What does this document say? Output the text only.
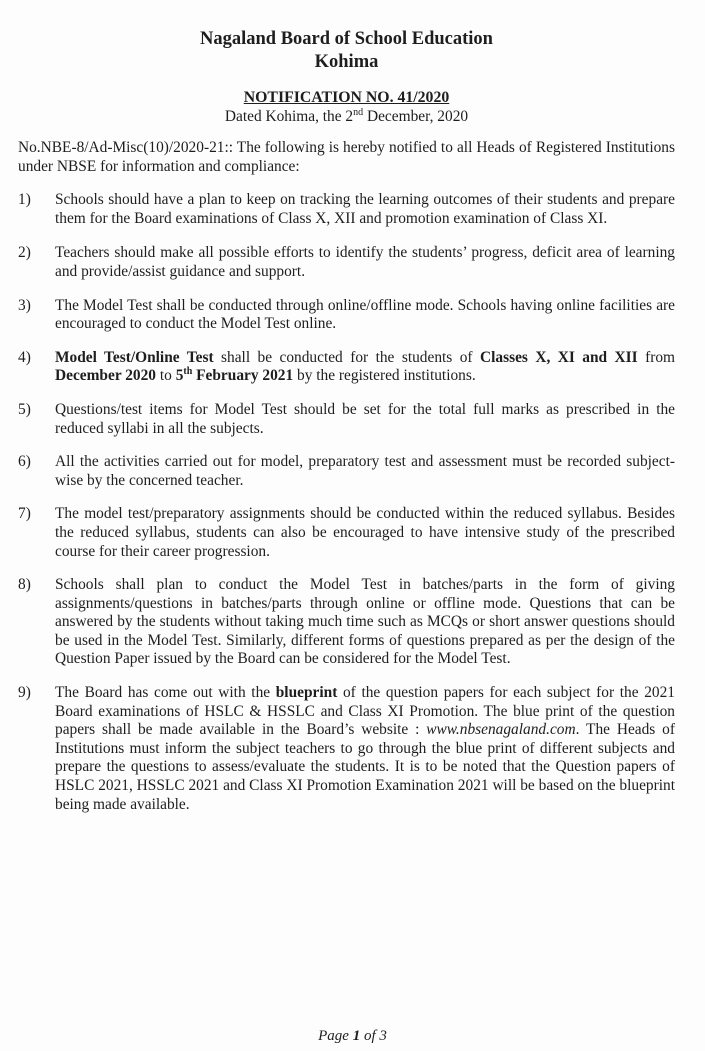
Nagaland Board of School Education
Kohima
NOTIFICATION NO. 41/2020
Dated Kohima, the 2nd December, 2020
No.NBE-8/Ad-Misc(10)/2020-21:: The following is hereby notified to all Heads of Registered Institutions under NBSE for information and compliance:
1)	Schools should have a plan to keep on tracking the learning outcomes of their students and prepare them for the Board examinations of Class X, XII and promotion examination of Class XI.
2)	Teachers should make all possible efforts to identify the students’ progress, deficit area of learning and provide/assist guidance and support.
3)	The Model Test shall be conducted through online/offline mode. Schools having online facilities are encouraged to conduct the Model Test online.
4)	Model Test/Online Test shall be conducted for the students of Classes X, XI and XII from December 2020 to 5th February 2021 by the registered institutions.
5)	Questions/test items for Model Test should be set for the total full marks as prescribed in the reduced syllabi in all the subjects.
6)	All the activities carried out for model, preparatory test and assessment must be recorded subject-wise by the concerned teacher.
7)	The model test/preparatory assignments should be conducted within the reduced syllabus. Besides the reduced syllabus, students can also be encouraged to have intensive study of the prescribed course for their career progression.
8)	Schools shall plan to conduct the Model Test in batches/parts in the form of giving assignments/questions in batches/parts through online or offline mode. Questions that can be answered by the students without taking much time such as MCQs or short answer questions should be used in the Model Test. Similarly, different forms of questions prepared as per the design of the Question Paper issued by the Board can be considered for the Model Test.
9)	The Board has come out with the blueprint of the question papers for each subject for the 2021 Board examinations of HSLC & HSSLC and Class XI Promotion. The blue print of the question papers shall be made available in the Board’s website : www.nbsenagaland.com. The Heads of Institutions must inform the subject teachers to go through the blue print of different subjects and prepare the questions to assess/evaluate the students. It is to be noted that the Question papers of HSLC 2021, HSSLC 2021 and Class XI Promotion Examination 2021 will be based on the blueprint being made available.
Page 1 of 3
